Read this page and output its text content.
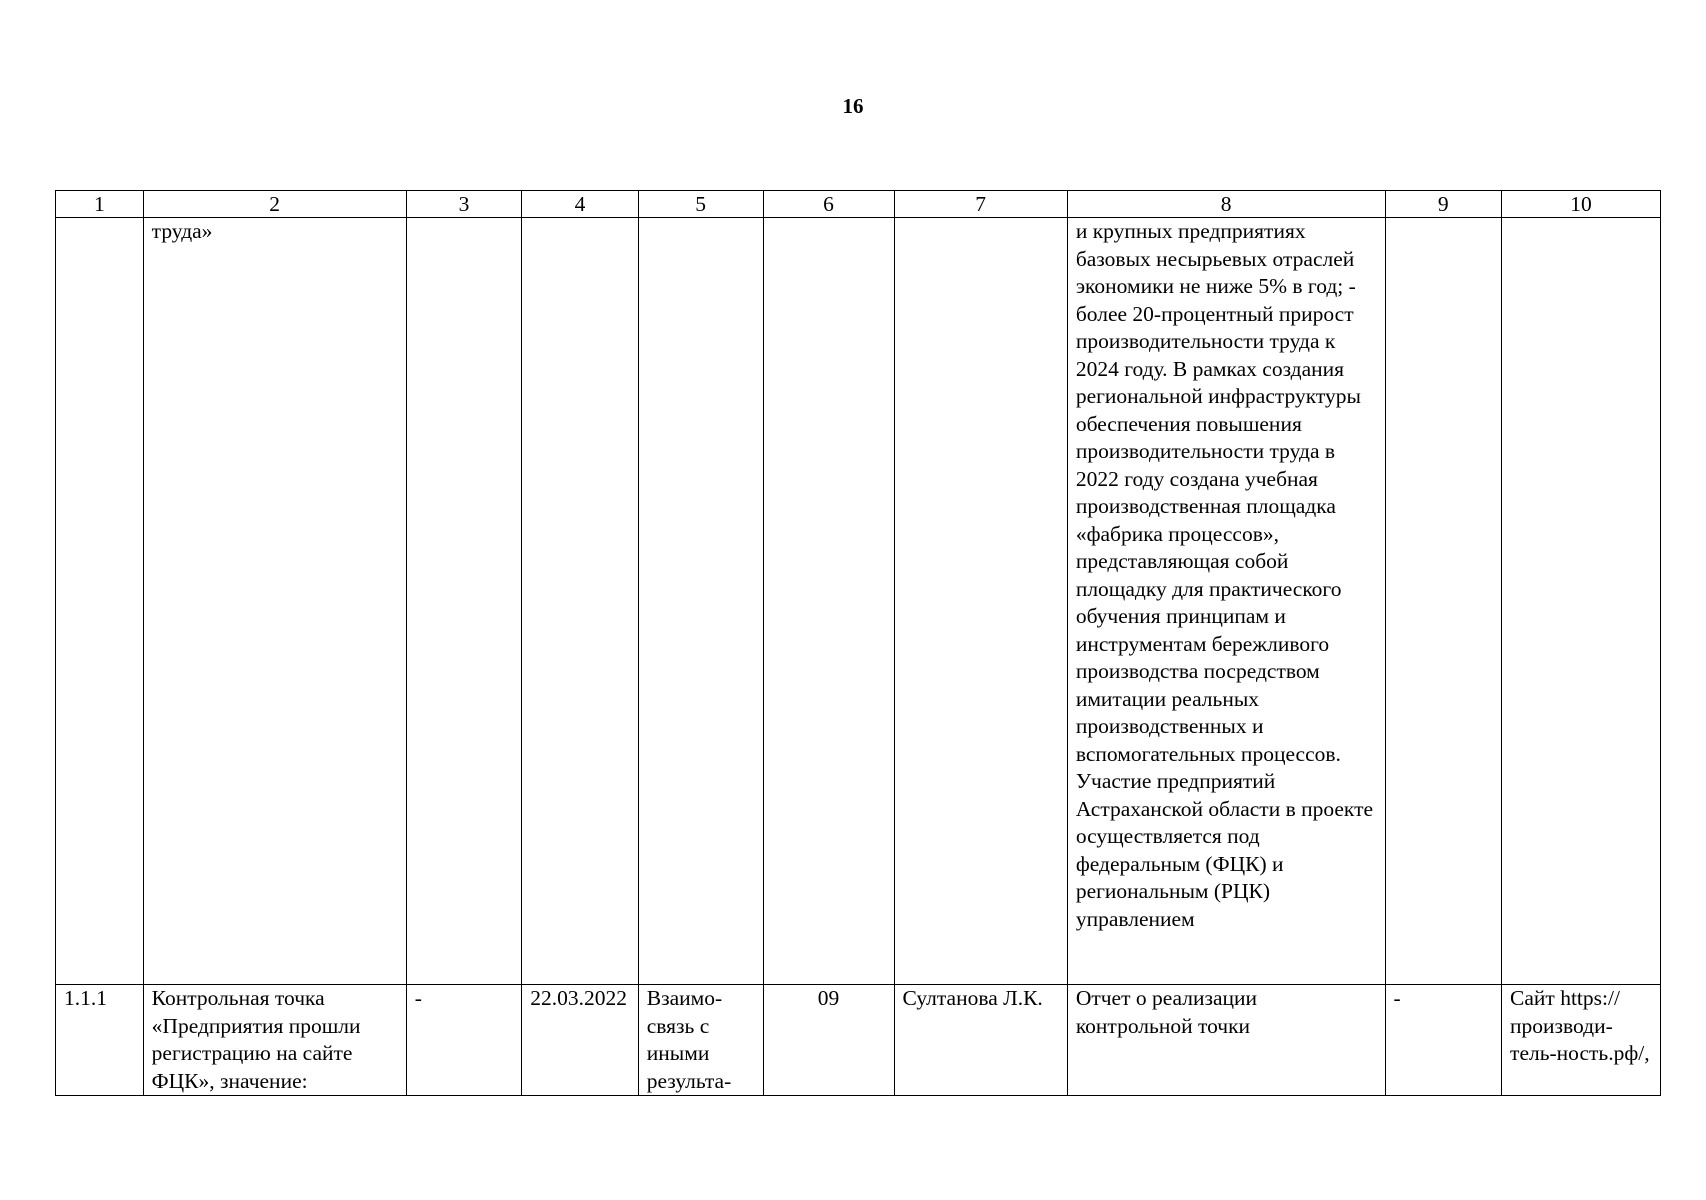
16
1	2	3	4	5	6	7	8	9	10
	труда»						и крупных предприятиях базовых несырьевых отраслей экономики не ниже 5% в год; - более 20-процентный прирост производительности труда к 2024 году. В рамках создания региональной инфраструктуры обеспечения повышения производительности труда в 2022 году создана учебная производственная площадка «фабрика процессов», представляющая собой площадку для практического обучения принципам и инструментам бережливого производства посредством имитации реальных производственных и вспомогательных процессов. Участие предприятий Астраханской области в проекте осуществляется под федеральным (ФЦК) и региональным (РЦК) управлением		
1.1.1	Контрольная точка «Предприятия прошли регистрацию на сайте ФЦК», значение:	-	22.03.2022	Взаимо-связь с иными результа-	09	Султанова Л.К.	Отчет о реализации контрольной точки	-	Сайт https:// производи-тель-ность.рф/,
